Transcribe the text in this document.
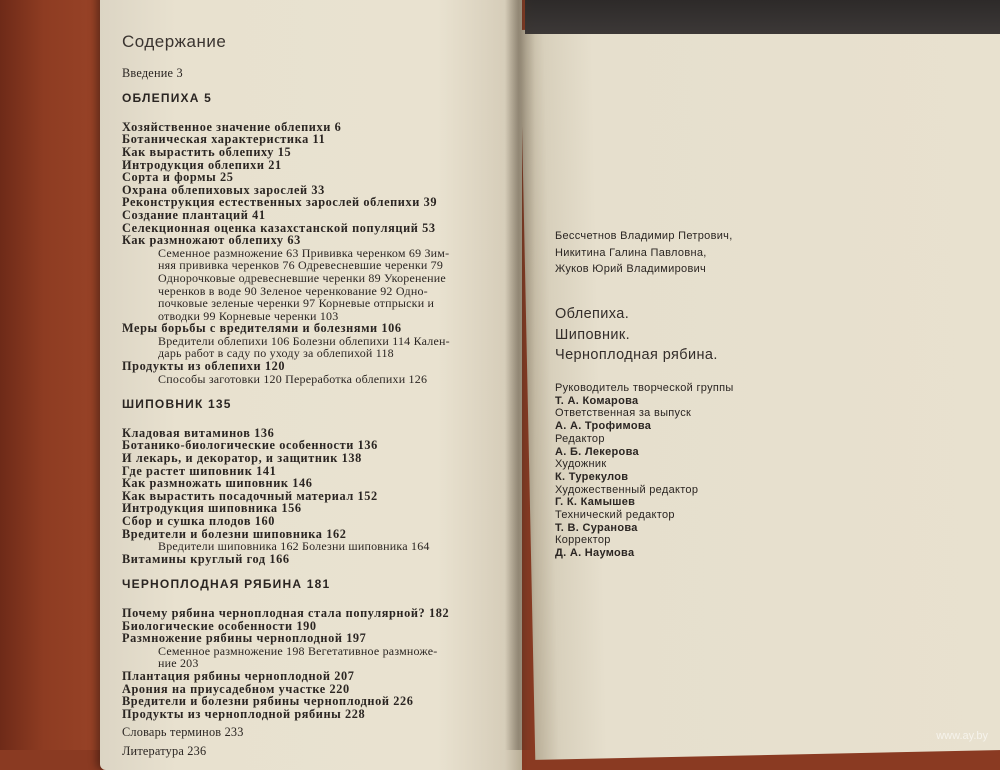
Содержание
Введение 3
ОБЛЕПИХА 5
Хозяйственное значение облепихи 6
Ботаническая характеристика 11
Как вырастить облепиху 15
Интродукция облепихи 21
Сорта и формы 25
Охрана облепиховых зарослей 33
Реконструкция естественных зарослей облепихи 39
Создание плантаций 41
Селекционная оценка казахстанской популяций 53
Как размножают облепиху 63
Семенное размножение 63 Прививка черенком 69 Зим-
няя прививка черенков 76 Одревесневшие черенки 79
Одноpочковые одревесневшие черенки 89 Укоренение
черенков в воде 90 Зеленое черенкование 92 Одно-
почковые зеленые черенки 97 Корневые отпрыски и
отводки 99 Корневые черенки 103
Меры борьбы с вредителями и болезнями 106
Вредители облепихи 106 Болезни облепихи 114 Кален-
дарь работ в саду по уходу за облепихой 118
Продукты из облепихи 120
Способы заготовки 120 Переработка облепихи 126
ШИПОВНИК 135
Кладовая витаминов 136
Ботанико-биологические особенности 136
И лекарь, и декоратор, и защитник 138
Где растет шиповник 141
Как размножать шиповник 146
Как вырастить посадочный материал 152
Интродукция шиповника 156
Сбор и сушка плодов 160
Вредители и болезни шиповника 162
Вредители шиповника 162 Болезни шиповника 164
Витамины круглый год 166
ЧЕРНОПЛОДНАЯ РЯБИНА 181
Почему рябина черноплодная стала популярной? 182
Биологические особенности 190
Размножение рябины черноплодной 197
Семенное размножение 198 Вегетативное размноже-
ние 203
Плантация рябины черноплодной 207
Арония на приусадебном участке 220
Вредители и болезни рябины черноплодной 226
Продукты из черноплодной рябины 228
Словарь терминов 233
Литература 236
Бессчетнов Владимир Петрович,
Никитина Галина Павловна,
Жуков Юрий Владимирович
Облепиха.
Шиповник.
Черноплодная рябина.
Руководитель творческой группы
Т. А. Комарова
Ответственная за выпуск
А. А. Трофимова
Редактор
А. Б. Лекерова
Художник
К. Турекулов
Художественный редактор
Г. К. Камышев
Технический редактор
Т. В. Суранова
Корректор
Д. А. Наумова
www.ay.by
